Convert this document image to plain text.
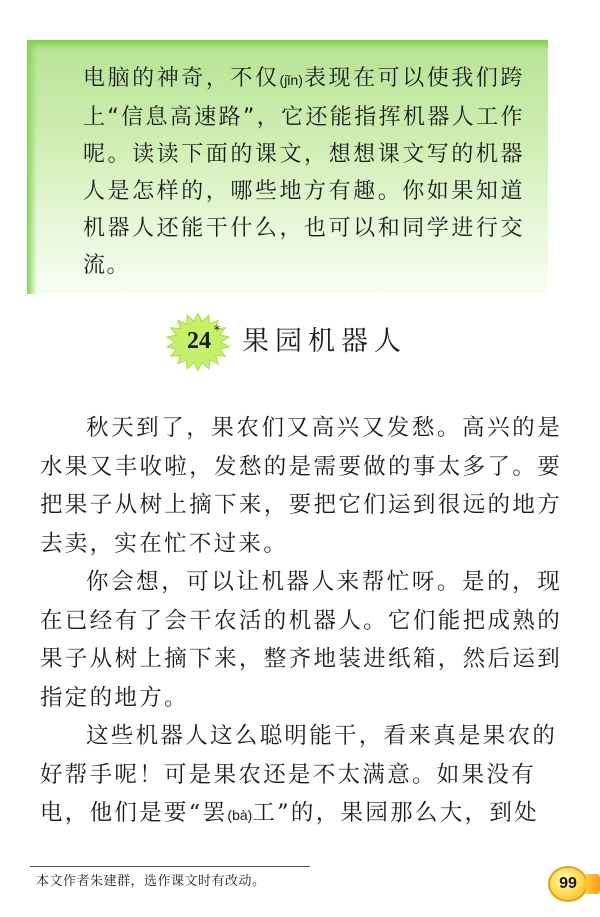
电脑的神奇，不仅(jǐn)表现在可以使我们跨上“信息高速路”，它还能指挥机器人工作呢。读读下面的课文，想想课文写的机器人是怎样的，哪些地方有趣。你如果知道机器人还能干什么，也可以和同学进行交流。

24 * 果园机器人

秋天到了，果农们又高兴又发愁。高兴的是水果又丰收啦，发愁的是需要做的事太多了。要把果子从树上摘下来，要把它们运到很远的地方去卖，实在忙不过来。

你会想，可以让机器人来帮忙呀。是的，现在已经有了会干农活的机器人。它们能把成熟的果子从树上摘下来，整齐地装进纸箱，然后运到指定的地方。

这些机器人这么聪明能干，看来真是果农的好帮手呢！可是果农还是不太满意。如果没有电，他们是要“罢(bà)工”的，果园那么大，到处

本文作者朱建群，选作课文时有改动。	99
